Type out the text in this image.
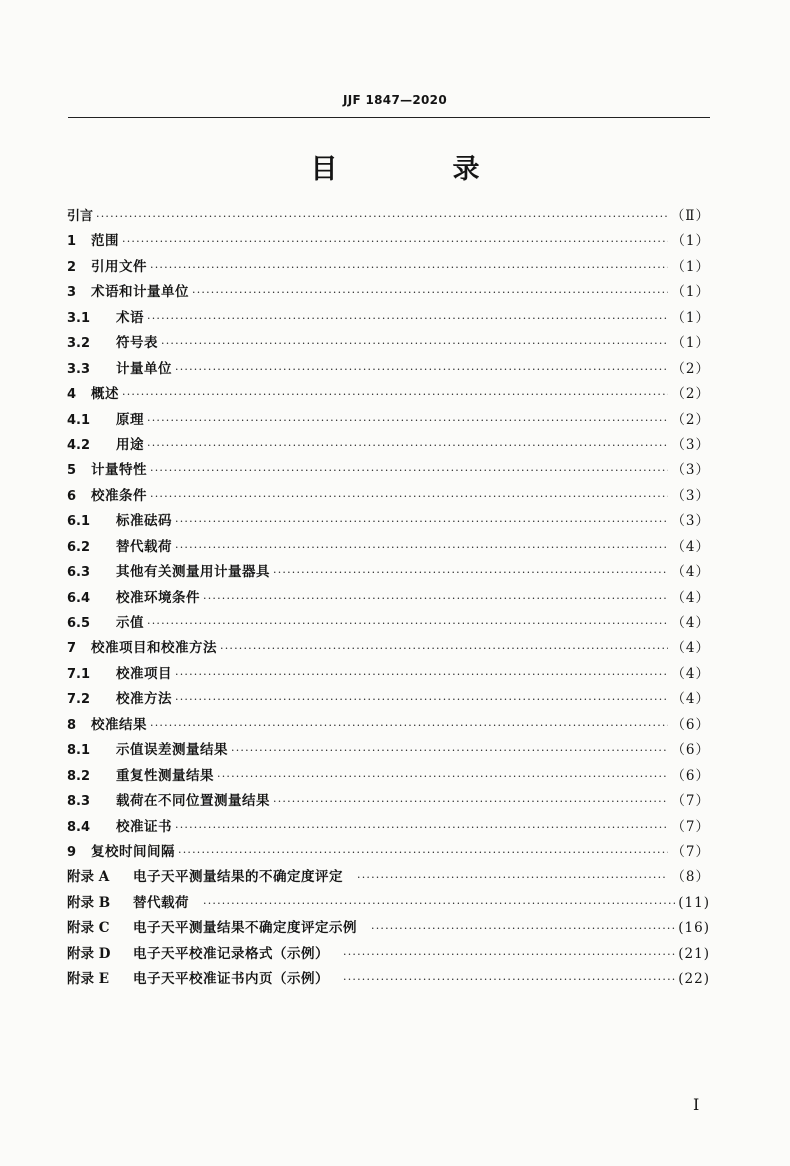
JJF 1847—2020
目　录
引言 ·····	（Ⅱ）
1	范围 ·····	（1）
2	引用文件 ·····	（1）
3	术语和计量单位 ·····	（1）
3.1	术语 ·····	（1）
3.2	符号表 ·····	（1）
3.3	计量单位 ·····	（2）
4	概述 ·····	（2）
4.1	原理 ·····	（2）
4.2	用途 ·····	（3）
5	计量特性 ·····	（3）
6	校准条件 ·····	（3）
6.1	标准砝码 ·····	（3）
6.2	替代载荷 ·····	（4）
6.3	其他有关测量用计量器具 ·····	（4）
6.4	校准环境条件 ·····	（4）
6.5	示值 ·····	（4）
7	校准项目和校准方法 ·····	（4）
7.1	校准项目 ·····	（4）
7.2	校准方法 ·····	（4）
8	校准结果 ·····	（6）
8.1	示值误差测量结果 ·····	（6）
8.2	重复性测量结果 ·····	（6）
8.3	载荷在不同位置测量结果 ·····	（7）
8.4	校准证书 ·····	（7）
9	复校时间间隔 ·····	（7）
附录 A	电子天平测量结果的不确定度评定 ·····	（8）
附录 B	替代载荷 ·····	(11)
附录 C	电子天平测量结果不确定度评定示例 ·····	(16)
附录 D	电子天平校准记录格式（示例） ·····	(21)
附录 E	电子天平校准证书内页（示例） ·····	(22)
I
